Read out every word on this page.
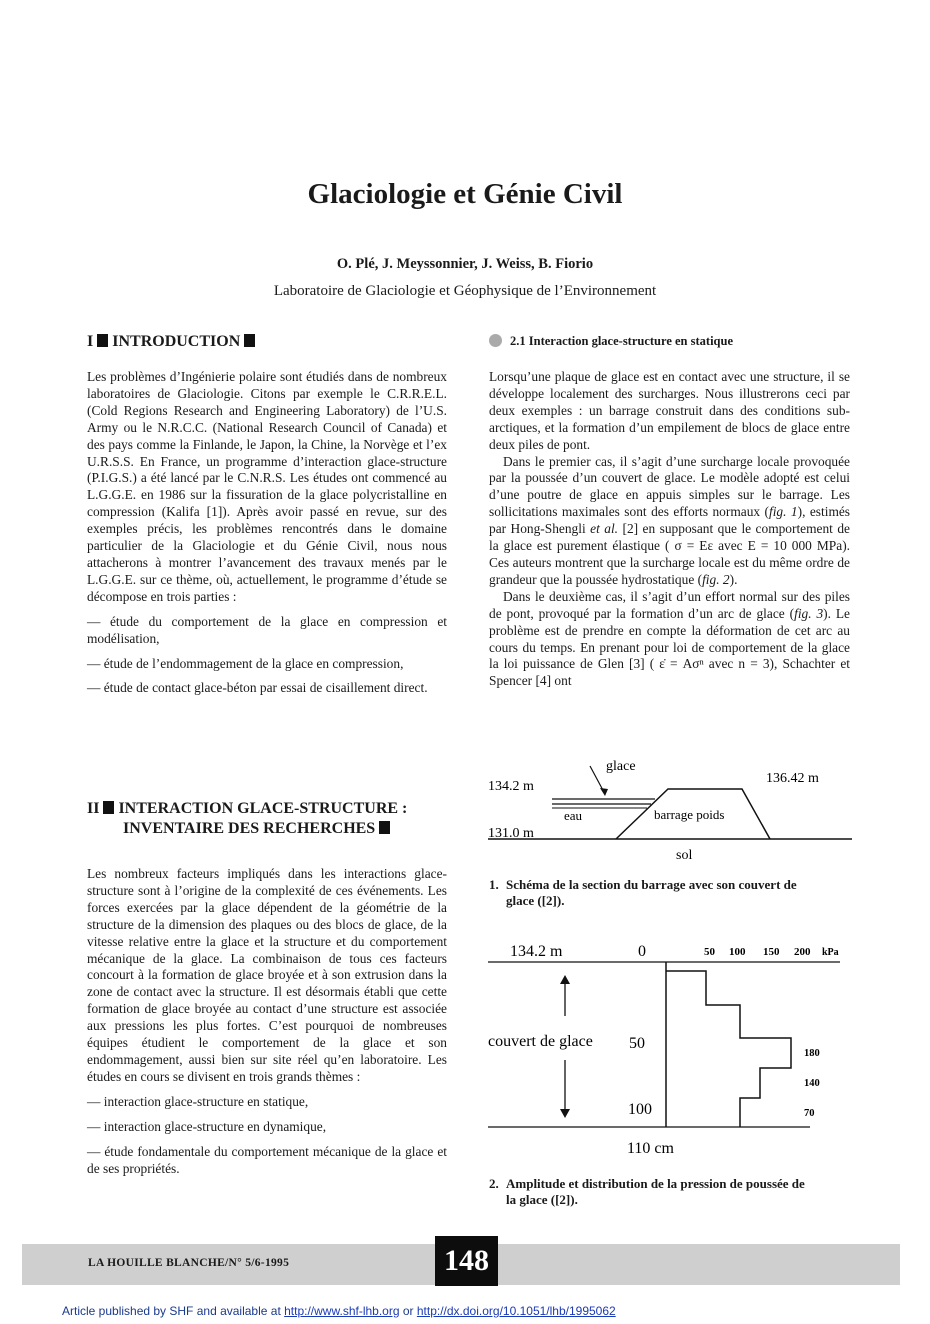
Glaciologie et Génie Civil
O. Plé, J. Meyssonnier, J. Weiss, B. Fiorio
Laboratoire de Glaciologie et Géophysique de l’Environnement
I INTRODUCTION

Les problèmes d’Ingénierie polaire sont étudiés dans de nombreux laboratoires de Glaciologie. Citons par exemple le C.R.R.E.L. (Cold Regions Research and Engineering Laboratory) de l’U.S. Army ou le N.R.C.C. (National Research Council of Canada) et des pays comme la Finlande, le Japon, la Chine, la Norvège et l’ex U.R.S.S. En France, un programme d’interaction glace-structure (P.I.G.S.) a été lancé par le C.N.R.S. Les études ont commencé au L.G.G.E. en 1986 sur la fissuration de la glace polycristalline en compression (Kalifa [1]). Après avoir passé en revue, sur des exemples précis, les problèmes rencontrés dans le domaine particulier de la Glaciologie et du Génie Civil, nous nous attacherons à montrer l’avancement des travaux menés par le L.G.G.E. sur ce thème, où, actuellement, le programme d’étude se décompose en trois parties :

— étude du comportement de la glace en compression et modélisation,

— étude de l’endommagement de la glace en compression,

— étude de contact glace-béton par essai de cisaillement direct.

II INTERACTION GLACE-STRUCTURE :
INVENTAIRE DES RECHERCHES

Les nombreux facteurs impliqués dans les interactions glace-structure sont à l’origine de la complexité de ces événements. Les forces exercées par la glace dépendent de la géométrie de la structure de la dimension des plaques ou des blocs de glace, de la vitesse relative entre la glace et la structure et du comportement mécanique de la glace. La combinaison de tous ces facteurs concourt à la formation de glace broyée et à son extrusion dans la zone de contact avec la structure. Il est désormais établi que cette formation de glace broyée au contact d’une structure est associée aux pressions les plus fortes. C’est pourquoi de nombreuses équipes étudient le comportement de la glace et son endommagement, aussi bien sur site réel qu’en laboratoire. Les études en cours se divisent en trois grands thèmes :

— interaction glace-structure en statique,

— interaction glace-structure en dynamique,

— étude fondamentale du comportement mécanique de la glace et de ses propriétés.

2.1 Interaction glace-structure en statique

Lorsqu’une plaque de glace est en contact avec une structure, il se développe localement des surcharges. Nous illustrerons ceci par deux exemples : un barrage construit dans des conditions sub-arctiques, et la formation d’un empilement de blocs de glace entre deux piles de pont.

Dans le premier cas, il s’agit d’une surcharge locale provoquée par la poussée d’un couvert de glace. Le modèle adopté est celui d’une poutre de glace en appuis simples sur le barrage. Les sollicitations maximales sont des efforts normaux (fig. 1), estimés par Hong-Shengli et al. [2] en supposant que le comportement de la glace est purement élastique ( σ = Eε avec E = 10 000 MPa). Ces auteurs montrent que la surcharge locale est du même ordre de grandeur que la poussée hydrostatique (fig. 2).

Dans le deuxième cas, il s’agit d’un effort normal sur des piles de pont, provoqué par la formation d’un arc de glace (fig. 3). Le problème est de prendre en compte la déformation de cet arc au cours du temps. En prenant pour loi de comportement de la glace la loi puissance de Glen [3] ( ε̇ = Aσⁿ avec n = 3), Schachter et Spencer [4] ont

glace
134.2 m
136.42 m
eau	barrage poids
131.0 m
sol
1. Schéma de la section du barrage avec son couvert de
glace ([2]).
134.2 m	0	50 100 150 200 kPa
couvert de glace 50
100
110 cm
180
140
70
2. Amplitude et distribution de la pression de poussée de
la glace ([2]).
LA HOUILLE BLANCHE/N° 5/6-1995	148
Article published by SHF and available at http://www.shf-lhb.org or http://dx.doi.org/10.1051/lhb/1995062
